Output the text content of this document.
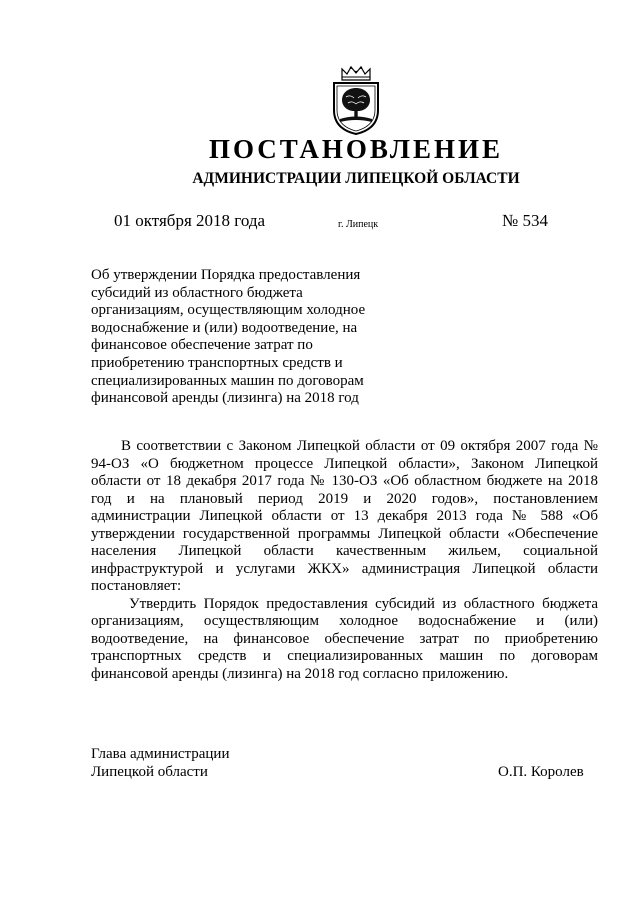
ПОСТАНОВЛЕНИЕ
АДМИНИСТРАЦИИ ЛИПЕЦКОЙ ОБЛАСТИ
01 октября 2018 года	г. Липецк	№ 534
Об утверждении Порядка предоставления субсидий из областного бюджета организациям, осуществляющим холодное водоснабжение и (или) водоотведение, на финансовое обеспечение затрат по приобретению транспортных средств и специализированных машин по договорам финансовой аренды (лизинга) на 2018 год

В соответствии с Законом Липецкой области от 09 октября 2007 года № 94-ОЗ «О бюджетном процессе Липецкой области», Законом Липецкой области от 18 декабря 2017 года № 130-ОЗ «Об областном бюджете на 2018 год и на плановый период 2019 и 2020 годов», постановлением администрации Липецкой области от 13 декабря 2013 года № 588 «Об утверждении государственной программы Липецкой области «Обеспечение населения Липецкой области качественным жильем, социальной инфраструктурой и услугами ЖКХ» администрация Липецкой области постановляет:

Утвердить Порядок предоставления субсидий из областного бюджета организациям, осуществляющим холодное водоснабжение и (или) водоотведение, на финансовое обеспечение затрат по приобретению транспортных средств и специализированных машин по договорам финансовой аренды (лизинга) на 2018 год согласно приложению.

Глава администрации
Липецкой области	О.П. Королев
